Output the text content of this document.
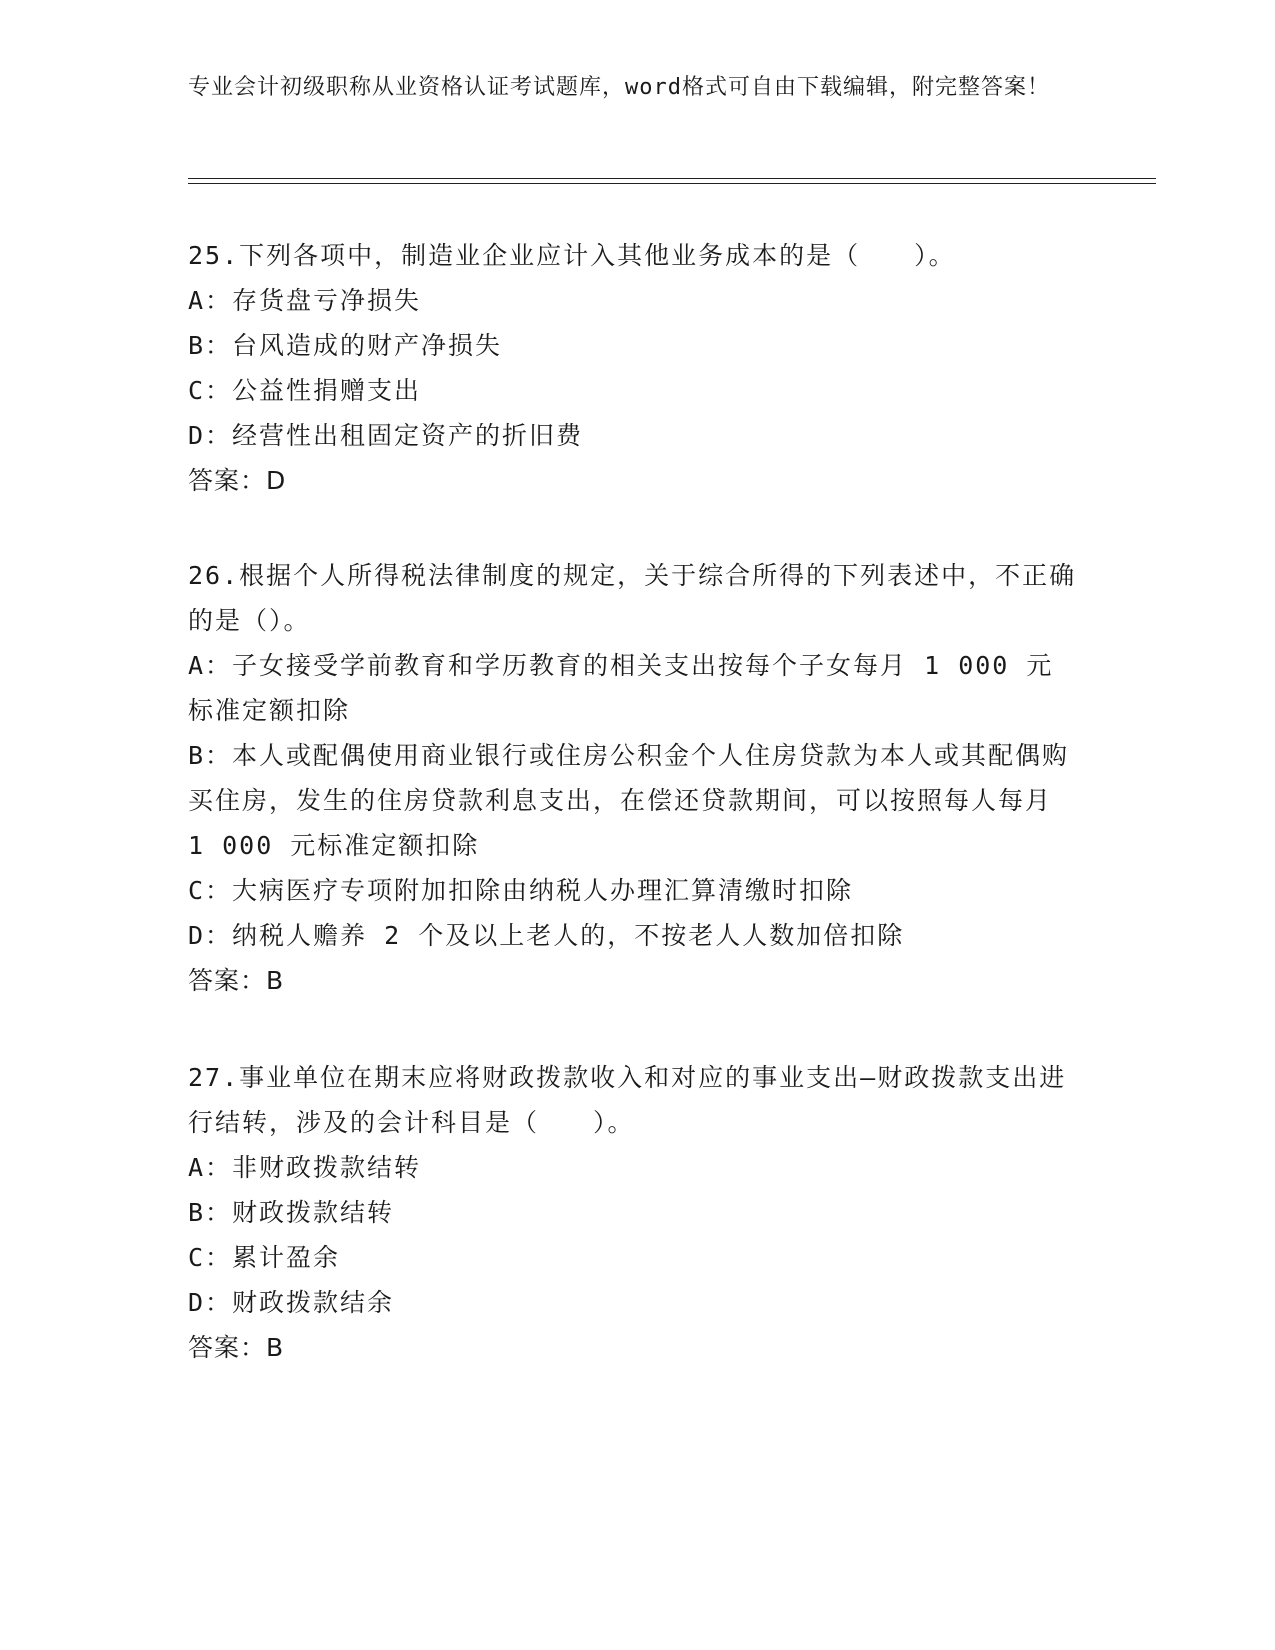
专业会计初级职称从业资格认证考试题库，word格式可自由下载编辑，附完整答案！

25.下列各项中，制造业企业应计入其他业务成本的是（　　）。

A：存货盘亏净损失

B：台风造成的财产净损失

C：公益性捐赠支出

D：经营性出租固定资产的折旧费

答案：D

26.根据个人所得税法律制度的规定，关于综合所得的下列表述中，不正确的是（）。

A：子女接受学前教育和学历教育的相关支出按每个子女每月 1 000 元标准定额扣除

B：本人或配偶使用商业银行或住房公积金个人住房贷款为本人或其配偶购买住房，发生的住房贷款利息支出，在偿还贷款期间，可以按照每人每月 1 000 元标准定额扣除

C：大病医疗专项附加扣除由纳税人办理汇算清缴时扣除

D：纳税人赡养 2 个及以上老人的，不按老人人数加倍扣除

答案：B

27.事业单位在期末应将财政拨款收入和对应的事业支出—财政拨款支出进行结转，涉及的会计科目是（　　）。

A：非财政拨款结转

B：财政拨款结转

C：累计盈余

D：财政拨款结余

答案：B
